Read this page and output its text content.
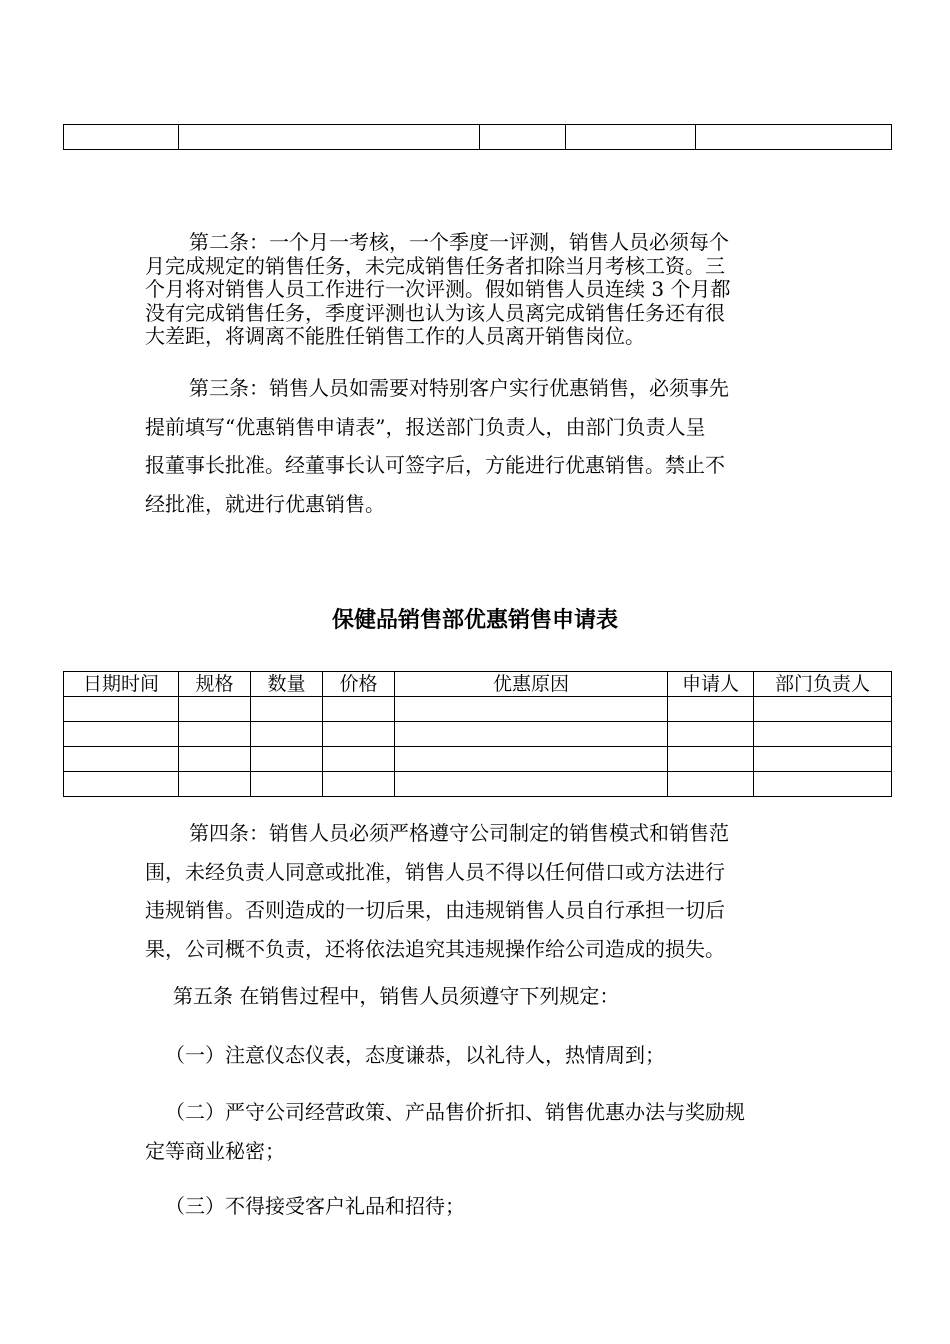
第二条：一个月一考核，一个季度一评测，销售人员必须每个
月完成规定的销售任务，未完成销售任务者扣除当月考核工资。三
个月将对销售人员工作进行一次评测。假如销售人员连续 3 个月都
没有完成销售任务，季度评测也认为该人员离完成销售任务还有很
大差距，将调离不能胜任销售工作的人员离开销售岗位。

第三条：销售人员如需要对特别客户实行优惠销售，必须事先
提前填写“优惠销售申请表”，报送部门负责人，由部门负责人呈
报董事长批准。经董事长认可签字后，方能进行优惠销售。禁止不
经批准，就进行优惠销售。

保健品销售部优惠销售申请表
日期时间	规格	数量	价格	优惠原因	申请人	部门负责人

第四条：销售人员必须严格遵守公司制定的销售模式和销售范
围，未经负责人同意或批准，销售人员不得以任何借口或方法进行
违规销售。否则造成的一切后果，由违规销售人员自行承担一切后
果，公司概不负责，还将依法追究其违规操作给公司造成的损失。

第五条 在销售过程中，销售人员须遵守下列规定：

（一）注意仪态仪表，态度谦恭，以礼待人，热情周到；

（二）严守公司经营政策、产品售价折扣、销售优惠办法与奖励规
定等商业秘密；

（三）不得接受客户礼品和招待；
